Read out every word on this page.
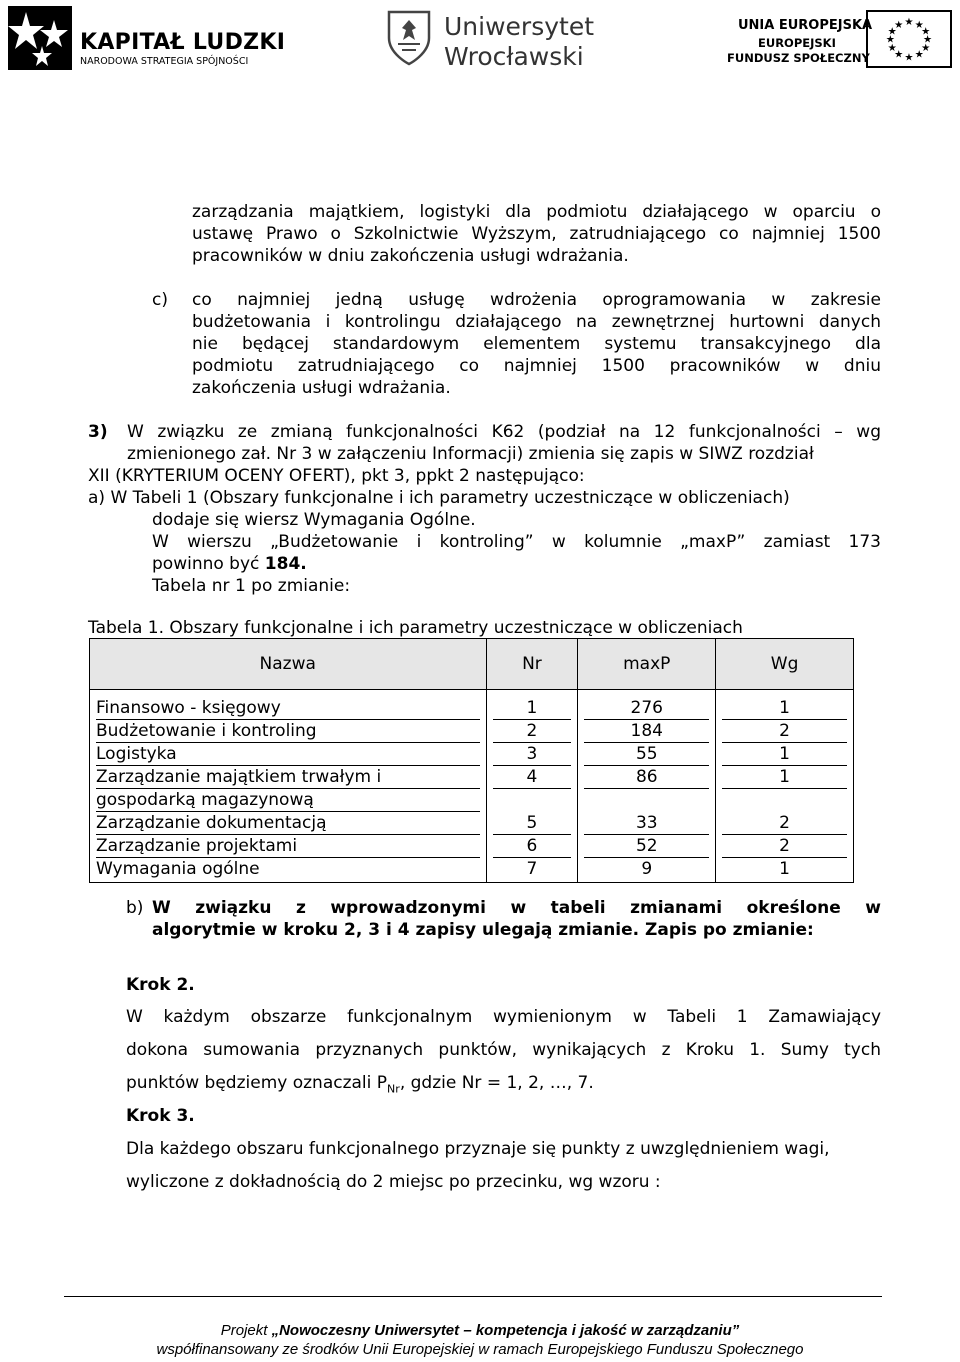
KAPITAŁ LUDZKI
NARODOWA STRATEGIA SPÓJNOŚCI
Uniwersytet
Wrocławski
UNIA EUROPEJSKA
EUROPEJSKI
FUNDUSZ SPOŁECZNY
★ ★
★
★
★
★
★
★
★
★
★
★
zarządzania majątkiem, logistyki dla podmiotu działającego w oparciu o
ustawę Prawo o Szkolnictwie Wyższym, zatrudniającego co najmniej 1500
pracowników w dniu zakończenia usługi wdrażania.
c) co najmniej jedną usługę wdrożenia oprogramowania w zakresie
budżetowania i kontrolingu działającego na zewnętrznej hurtowni danych
nie będącej standardowym elementem systemu transakcyjnego dla
podmiotu zatrudniającego co najmniej 1500 pracowników w dniu
zakończenia usługi wdrażania.
3) W związku ze zmianą funkcjonalności K62 (podział na 12 funkcjonalności – wg
zmienionego zał. Nr 3 w załączeniu Informacji) zmienia się zapis w SIWZ rozdział
XII (KRYTERIUM OCENY OFERT), pkt 3, ppkt 2 następująco:
a) W Tabeli 1 (Obszary funkcjonalne i ich parametry uczestniczące w obliczeniach)
dodaje się wiersz Wymagania Ogólne.
W wierszu „Budżetowanie i kontroling” w kolumnie „maxP” zamiast 173
powinno być 184.
Tabela nr 1 po zmianie:
Tabela 1. Obszary funkcjonalne i ich parametry uczestniczące w obliczeniach
Nazwa	Nr	maxP	Wg

Finansowo - księgowy	1	276	1
Budżetowanie i kontroling	2	184	2
Logistyka	3	55	1
Zarządzanie majątkiem trwałym i	4	86	1
gospodarką magazynową			
Zarządzanie dokumentacją	5	33	2
Zarządzanie projektami	6	52	2
Wymagania ogólne	7	9	1
b) W związku z wprowadzonymi w tabeli zmianami określone w
algorytmie w kroku 2, 3 i 4 zapisy ulegają zmianie. Zapis po zmianie:
Krok 2.
W każdym obszarze funkcjonalnym wymienionym w Tabeli 1 Zamawiający
dokona sumowania przyznanych punktów, wynikających z Kroku 1. Sumy tych
punktów będziemy oznaczali $P_{Nr}$, gdzie Nr = 1, 2, …, 7.
Krok 3.
Dla każdego obszaru funkcjonalnego przyznaje się punkty z uwzględnieniem wagi,
wyliczone z dokładnością do 2 miejsc po przecinku, wg wzoru :
Projekt „Nowoczesny Uniwersytet – kompetencja i jakość w zarządzaniu”
współfinansowany ze środków Unii Europejskiej w ramach Europejskiego Funduszu Społecznego
